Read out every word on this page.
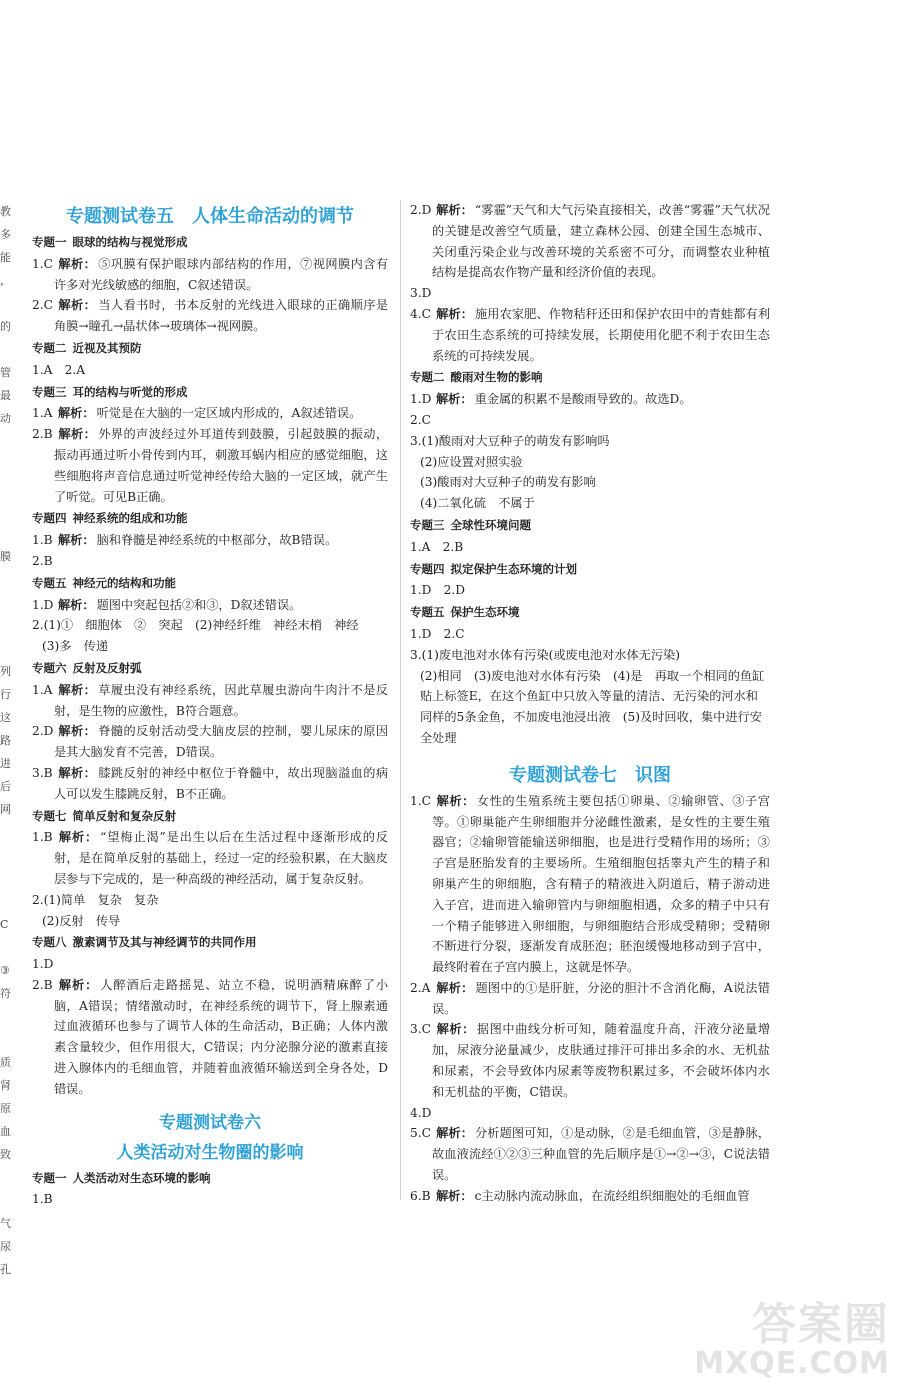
教
多
能
，
的
管
最
动
膜
列
行
这
路
进
后
网
C
③
符
质
肾
原
血
致
气
尿
孔
专题测试卷五　人体生命活动的调节
专题一 眼球的结构与视觉形成

1.C 解析： ⑤巩膜有保护眼球内部结构的作用，⑦视网膜内含有许多对光线敏感的细胞，C叙述错误。

2.C 解析： 当人看书时，书本反射的光线进入眼球的正确顺序是角膜→瞳孔→晶状体→玻璃体→视网膜。

专题二 近视及其预防

1.A　2.A

专题三 耳的结构与听觉的形成

1.A 解析： 听觉是在大脑的一定区域内形成的，A叙述错误。

2.B 解析： 外界的声波经过外耳道传到鼓膜，引起鼓膜的振动，振动再通过听小骨传到内耳，刺激耳蜗内相应的感觉细胞，这些细胞将声音信息通过听觉神经传给大脑的一定区域，就产生了听觉。可见B正确。

专题四 神经系统的组成和功能

1.B 解析： 脑和脊髓是神经系统的中枢部分，故B错误。

2.B

专题五 神经元的结构和功能

1.D 解析： 题图中突起包括②和③，D叙述错误。

2.(1)①　细胞体　②　突起　(2)神经纤维　神经末梢　神经

(3)多　传递

专题六 反射及反射弧

1.A 解析： 草履虫没有神经系统，因此草履虫游向牛肉汁不是反射，是生物的应激性，B符合题意。

2.D 解析： 脊髓的反射活动受大脑皮层的控制，婴儿尿床的原因是其大脑发育不完善，D错误。

3.B 解析： 膝跳反射的神经中枢位于脊髓中，故出现脑溢血的病人可以发生膝跳反射，B不正确。

专题七 简单反射和复杂反射

1.B 解析： “望梅止渴”是出生以后在生活过程中逐渐形成的反射，是在简单反射的基础上，经过一定的经验积累，在大脑皮层参与下完成的，是一种高级的神经活动，属于复杂反射。

2.(1)简单　复杂　复杂

(2)反射　传导

专题八 激素调节及其与神经调节的共同作用

1.D

2.B 解析： 人醉酒后走路摇晃、站立不稳，说明酒精麻醉了小脑，A错误；情绪激动时，在神经系统的调节下，肾上腺素通过血液循环也参与了调节人体的生命活动，B正确；人体内激素含量较少，但作用很大，C错误；内分泌腺分泌的激素直接进入腺体内的毛细血管，并随着血液循环输送到全身各处，D错误。

专题测试卷六
人类活动对生物圈的影响
专题一 人类活动对生态环境的影响

1.B

2.D 解析： “雾霾”天气和大气污染直接相关，改善“雾霾”天气状况的关键是改善空气质量，建立森林公园、创建全国生态城市、关闭重污染企业与改善环境的关系密不可分，而调整农业种植结构是提高农作物产量和经济价值的表现。

3.D

4.C 解析： 施用农家肥、作物秸秆还田和保护农田中的青蛙都有利于农田生态系统的可持续发展，长期使用化肥不利于农田生态系统的可持续发展。

专题二 酸雨对生物的影响

1.D 解析： 重金属的积累不是酸雨导致的。故选D。

2.C

3.(1)酸雨对大豆种子的萌发有影响吗

(2)应设置对照实验

(3)酸雨对大豆种子的萌发有影响

(4)二氧化硫　不属于

专题三 全球性环境问题

1.A　2.B

专题四 拟定保护生态环境的计划

1.D　2.D

专题五 保护生态环境

1.D　2.C

3.(1)废电池对水体有污染(或废电池对水体无污染)

(2)相同　(3)废电池对水体有污染　(4)是　再取一个相同的鱼缸贴上标签E，在这个鱼缸中只放入等量的清洁、无污染的河水和同样的5条金鱼，不加废电池浸出液　(5)及时回收，集中进行安全处理

专题测试卷七　识图

1.C 解析： 女性的生殖系统主要包括①卵巢、②输卵管、③子宫等。①卵巢能产生卵细胞并分泌雌性激素，是女性的主要生殖器官；②输卵管能输送卵细胞，也是进行受精作用的场所；③子宫是胚胎发育的主要场所。生殖细胞包括睾丸产生的精子和卵巢产生的卵细胞，含有精子的精液进入阴道后，精子游动进入子宫，进而进入输卵管内与卵细胞相遇，众多的精子中只有一个精子能够进入卵细胞，与卵细胞结合形成受精卵；受精卵不断进行分裂，逐渐发育成胚泡；胚泡缓慢地移动到子宫中，最终附着在子宫内膜上，这就是怀孕。

2.A 解析： 题图中的①是肝脏，分泌的胆汁不含消化酶，A说法错误。

3.C 解析： 据图中曲线分析可知，随着温度升高，汗液分泌量增加，尿液分泌量减少，皮肤通过排汗可排出多余的水、无机盐和尿素，不会导致体内尿素等废物积累过多，不会破坏体内水和无机盐的平衡，C错误。

4.D

5.C 解析： 分析题图可知，①是动脉，②是毛细血管，③是静脉，故血液流经①②③三种血管的先后顺序是①→②→③，C说法错误。

6.B 解析： c主动脉内流动脉血，在流经组织细胞处的毛细血管

答案圈
MXQE.COM
